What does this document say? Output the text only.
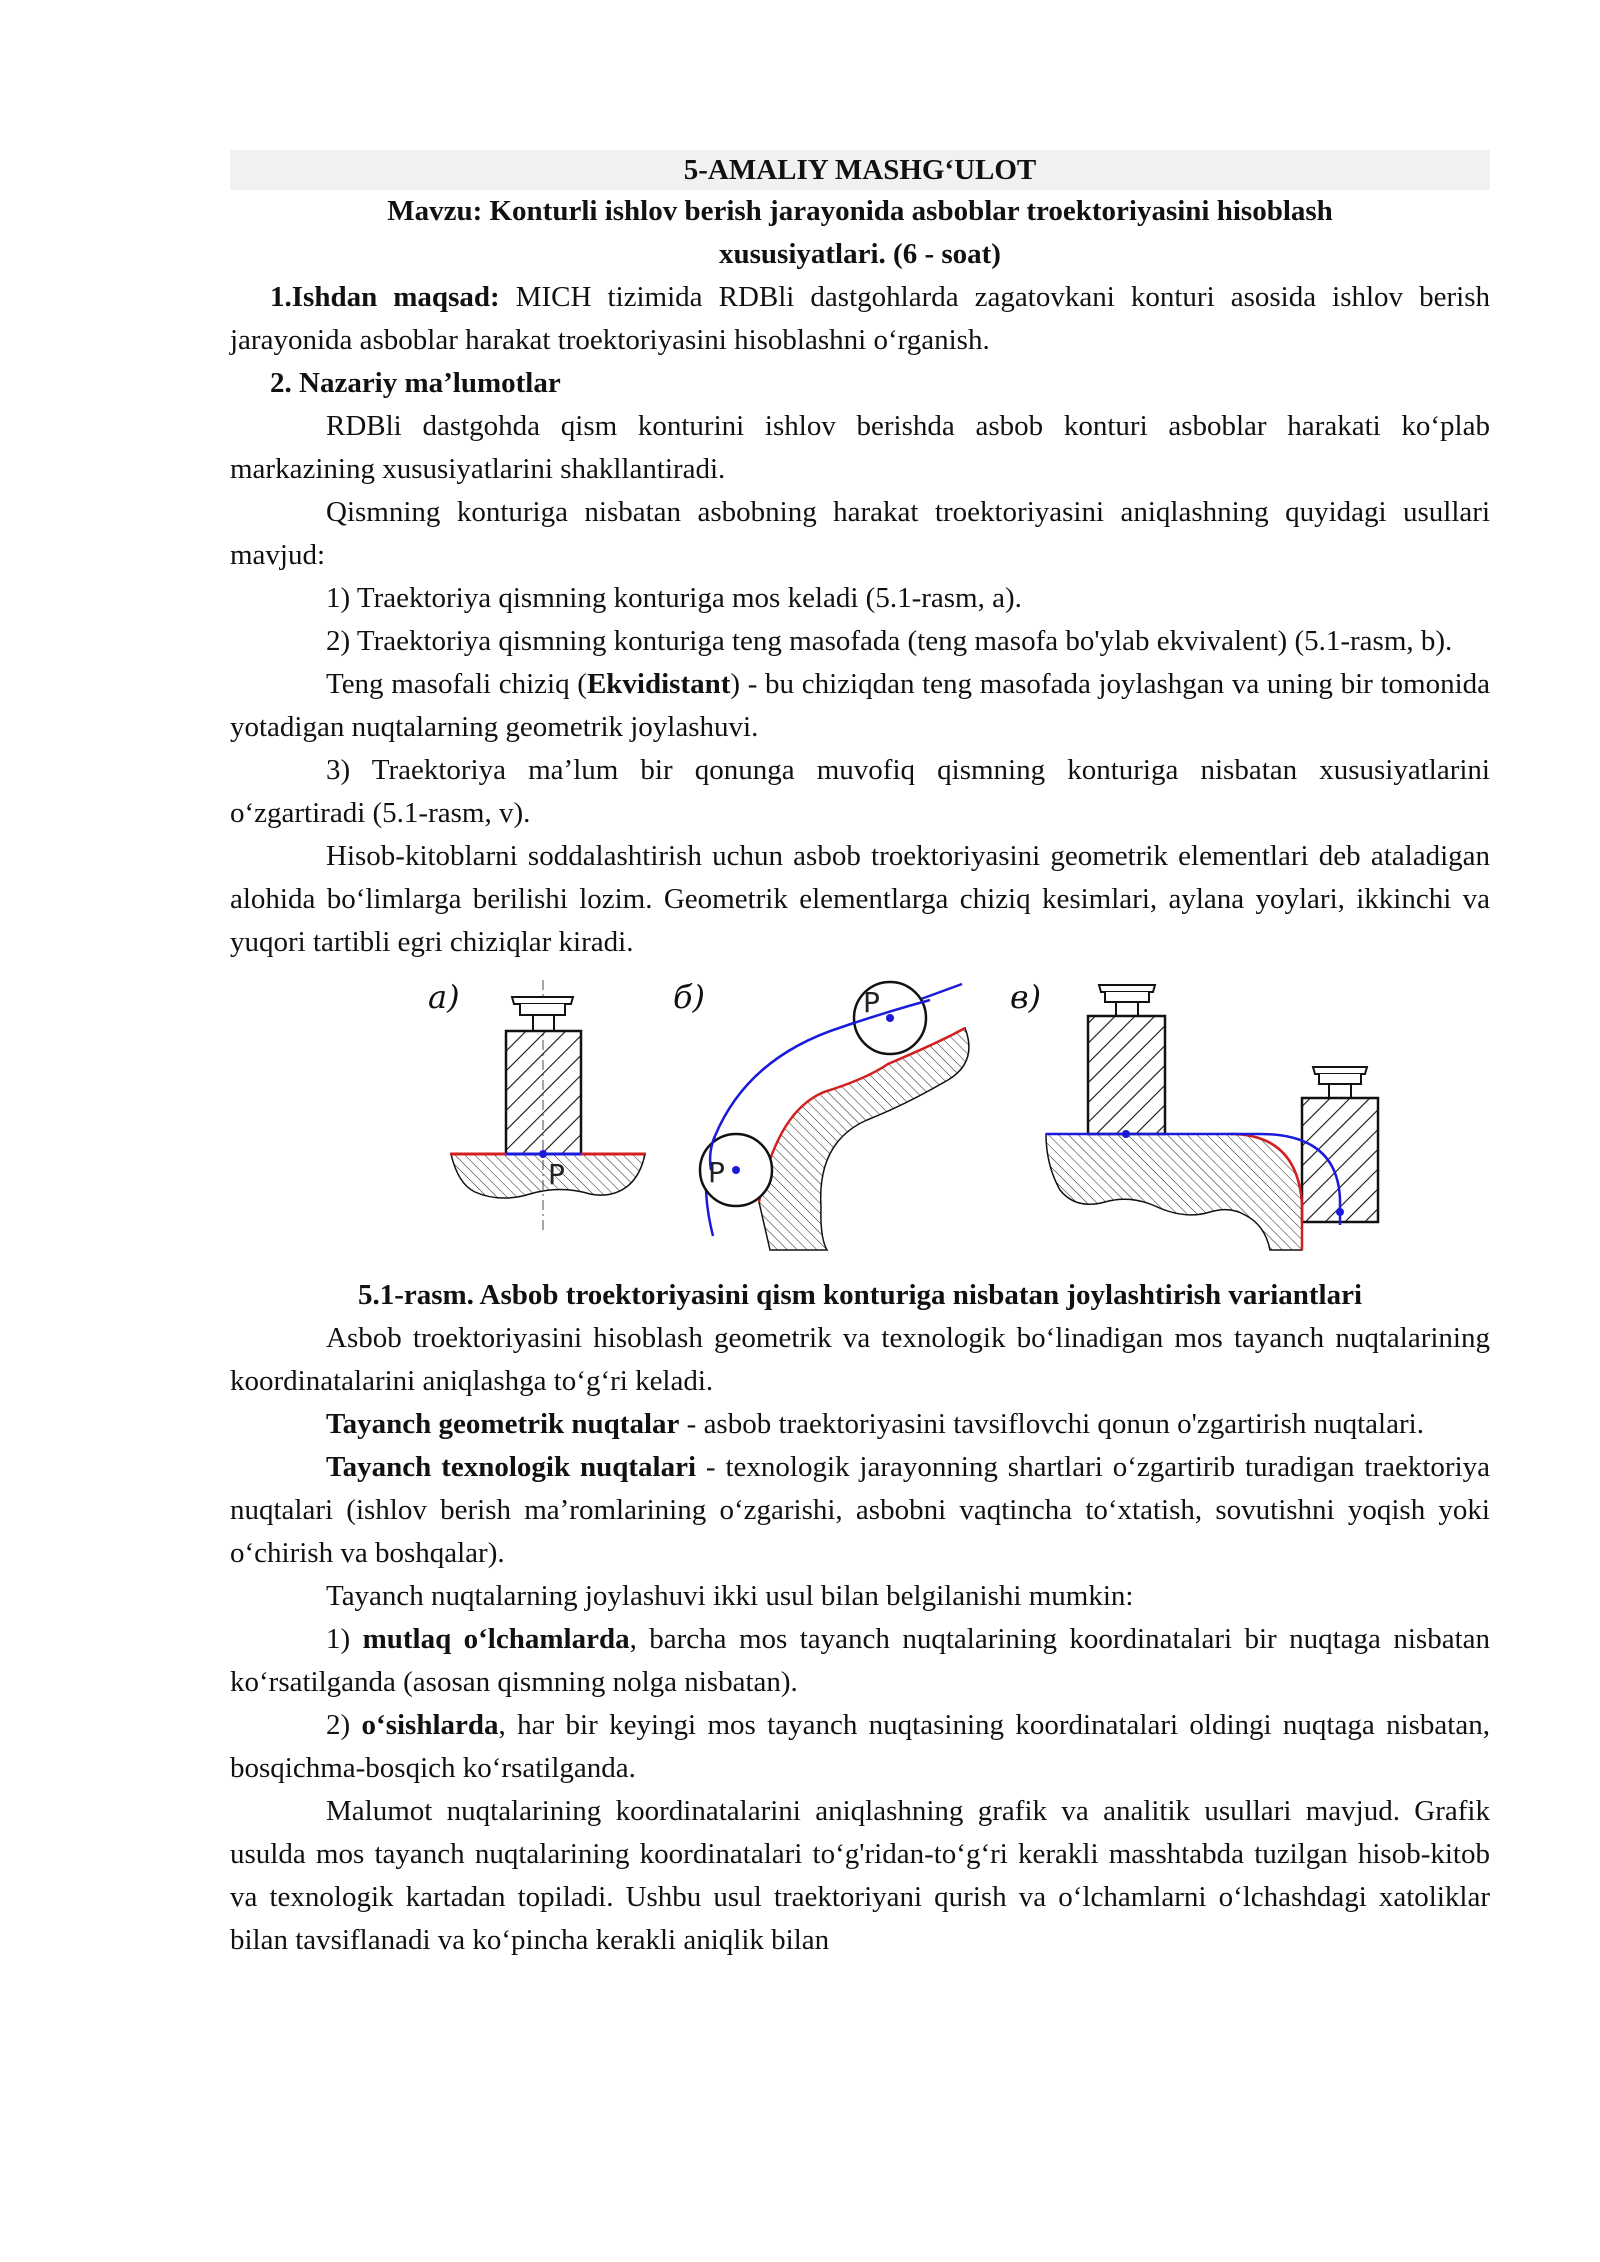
5-AMALIY MASHG‘ULOT
Mavzu: Konturli ishlov berish jarayonida asboblar troektoriyasini hisoblash
xususiyatlari. (6 - soat)

1.Ishdan maqsad: MICH tizimida RDBli dastgohlarda zagatovkani konturi asosida ishlov berish jarayonida asboblar harakat troektoriyasini hisoblashni o‘rganish.

2. Nazariy ma’lumotlar

RDBli dastgohda qism konturini ishlov berishda asbob konturi asboblar harakati ko‘plab markazining xususiyatlarini shakllantiradi.

Qismning konturiga nisbatan asbobning harakat troektoriyasini aniqlashning quyidagi usullari mavjud:

1) Traektoriya qismning konturiga mos keladi (5.1-rasm, a).

2) Traektoriya qismning konturiga teng masofada (teng masofa bo'ylab ekvivalent) (5.1-rasm, b).

Teng masofali chiziq (Ekvidistant) - bu chiziqdan teng masofada joylashgan va uning bir tomonida yotadigan nuqtalarning geometrik joylashuvi.

3) Traektoriya ma’lum bir qonunga muvofiq qismning konturiga nisbatan xususiyatlarini o‘zgartiradi (5.1-rasm, v).

Hisob-kitoblarni soddalashtirish uchun asbob troektoriyasini geometrik elementlari deb ataladigan alohida bo‘limlarga berilishi lozim. Geometrik elementlarga chiziq kesimlari, aylana yoylari, ikkinchi va yuqori tartibli egri chiziqlar kiradi.

а)	б)	в)
P
P
P
5.1-rasm. Asbob troektoriyasini qism konturiga nisbatan joylashtirish variantlari

Asbob troektoriyasini hisoblash geometrik va texnologik bo‘linadigan mos tayanch nuqtalarining koordinatalarini aniqlashga to‘g‘ri keladi.

Tayanch geometrik nuqtalar - asbob traektoriyasini tavsiflovchi qonun o'zgartirish nuqtalari.

Tayanch texnologik nuqtalari - texnologik jarayonning shartlari o‘zgartirib turadigan traektoriya nuqtalari (ishlov berish ma’romlarining o‘zgarishi, asbobni vaqtincha to‘xtatish, sovutishni yoqish yoki o‘chirish va boshqalar).

Tayanch nuqtalarning joylashuvi ikki usul bilan belgilanishi mumkin:

1) mutlaq o‘lchamlarda, barcha mos tayanch nuqtalarining koordinatalari bir nuqtaga nisbatan ko‘rsatilganda (asosan qismning nolga nisbatan).

2) o‘sishlarda, har bir keyingi mos tayanch nuqtasining koordinatalari oldingi nuqtaga nisbatan, bosqichma-bosqich ko‘rsatilganda.

Malumot nuqtalarining koordinatalarini aniqlashning grafik va analitik usullari mavjud. Grafik usulda mos tayanch nuqtalarining koordinatalari to‘g'ridan-to‘g‘ri kerakli masshtabda tuzilgan hisob-kitob va texnologik kartadan topiladi. Ushbu usul traektoriyani qurish va o‘lchamlarni o‘lchashdagi xatoliklar bilan tavsiflanadi va ko‘pincha kerakli aniqlik bilan
